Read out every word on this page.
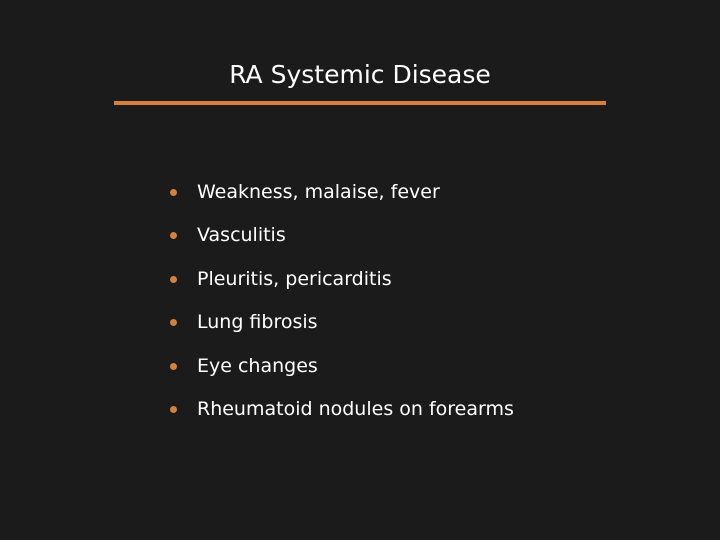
RA Systemic Disease
Weakness, malaise, fever
Vasculitis
Pleuritis, pericarditis
Lung fibrosis
Eye changes
Rheumatoid nodules on forearms
